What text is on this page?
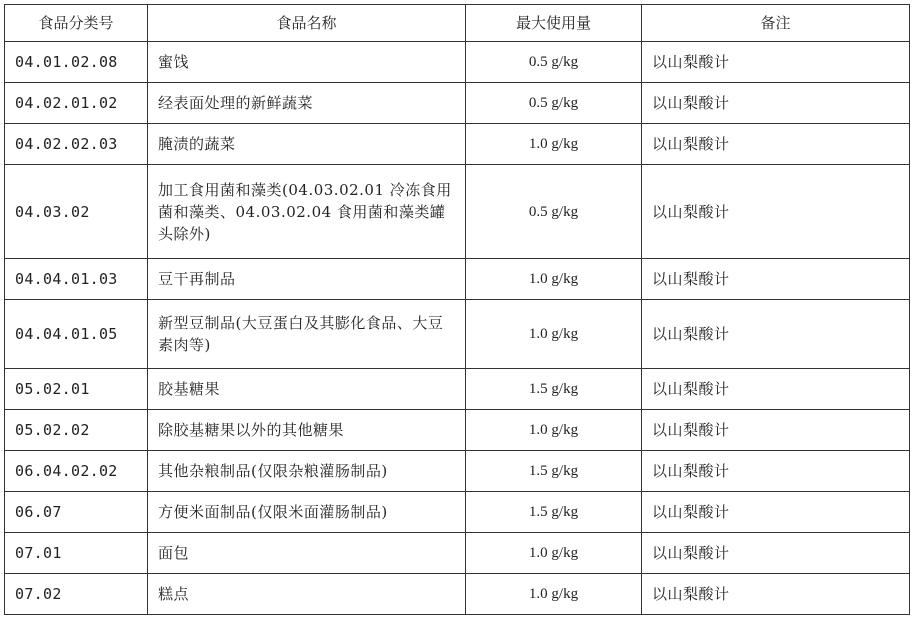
食品分类号	食品名称	最大使用量	备注
04.01.02.08	蜜饯	0.5 g/kg	以山梨酸计
04.02.01.02	经表面处理的新鲜蔬菜	0.5 g/kg	以山梨酸计
04.02.02.03	腌渍的蔬菜	1.0 g/kg	以山梨酸计
04.03.02	加工食用菌和藻类(04.03.02.01 冷冻食用菌和藻类、04.03.02.04 食用菌和藻类罐头除外)	0.5 g/kg	以山梨酸计
04.04.01.03	豆干再制品	1.0 g/kg	以山梨酸计
04.04.01.05	新型豆制品(大豆蛋白及其膨化食品、大豆素肉等)	1.0 g/kg	以山梨酸计
05.02.01	胶基糖果	1.5 g/kg	以山梨酸计
05.02.02	除胶基糖果以外的其他糖果	1.0 g/kg	以山梨酸计
06.04.02.02	其他杂粮制品(仅限杂粮灌肠制品)	1.5 g/kg	以山梨酸计
06.07	方便米面制品(仅限米面灌肠制品)	1.5 g/kg	以山梨酸计
07.01	面包	1.0 g/kg	以山梨酸计
07.02	糕点	1.0 g/kg	以山梨酸计
